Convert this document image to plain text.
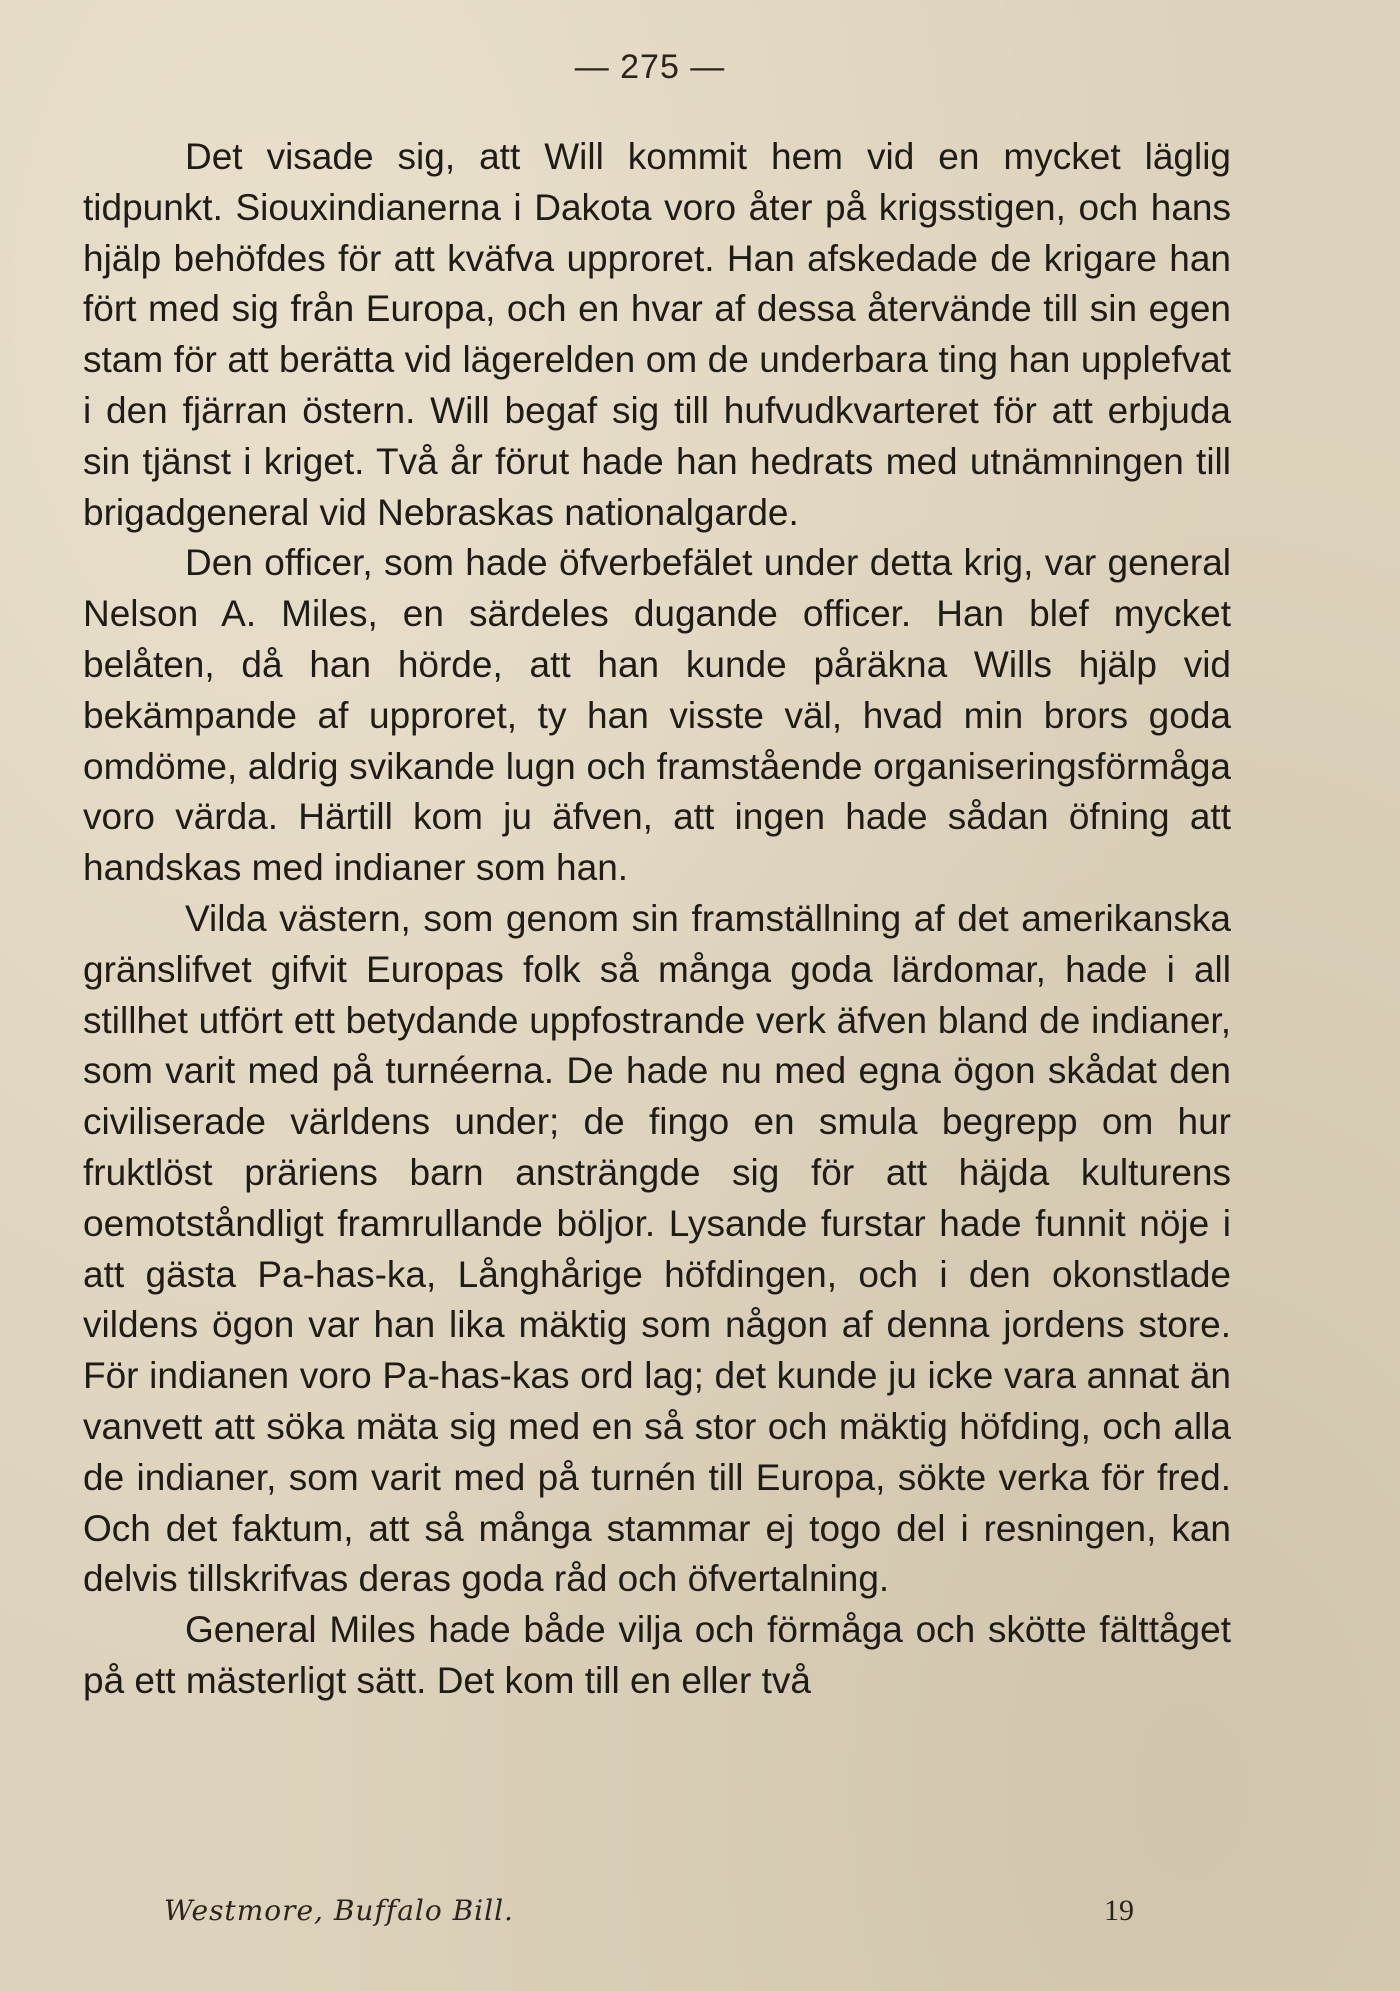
— 275 —

Det visade sig, att Will kommit hem vid en mycket läglig tidpunkt. Siouxindianerna i Dakota voro åter på krigsstigen, och hans hjälp behöfdes för att kväfva upproret. Han afskedade de krigare han fört med sig från Europa, och en hvar af dessa återvände till sin egen stam för att berätta vid lägerelden om de underbara ting han upplefvat i den fjärran östern. Will begaf sig till hufvudkvarteret för att erbjuda sin tjänst i kriget. Två år förut hade han hedrats med utnämningen till brigadgeneral vid Nebraskas nationalgarde.

Den officer, som hade öfverbefälet under detta krig, var general Nelson A. Miles, en särdeles dugande officer. Han blef mycket belåten, då han hörde, att han kunde påräkna Wills hjälp vid bekämpande af upproret, ty han visste väl, hvad min brors goda omdöme, aldrig svikande lugn och framstående organiseringsförmåga voro värda. Härtill kom ju äfven, att ingen hade sådan öfning att handskas med indianer som han.

Vilda västern, som genom sin framställning af det amerikanska gränslifvet gifvit Europas folk så många goda lärdomar, hade i all stillhet utfört ett betydande uppfostrande verk äfven bland de indianer, som varit med på turnéerna. De hade nu med egna ögon skådat den civiliserade världens under; de fingo en smula begrepp om hur fruktlöst präriens barn ansträngde sig för att häjda kulturens oemotståndligt framrullande böljor. Lysande furstar hade funnit nöje i att gästa Pa-has-ka, Långhårige höfdingen, och i den okonstlade vildens ögon var han lika mäktig som någon af denna jordens store. För indianen voro Pa-has-kas ord lag; det kunde ju icke vara annat än vanvett att söka mäta sig med en så stor och mäktig höfding, och alla de indianer, som varit med på turnén till Europa, sökte verka för fred. Och det faktum, att så många stammar ej togo del i resningen, kan delvis tillskrifvas deras goda råd och öfvertalning.

General Miles hade både vilja och förmåga och skötte fälttåget på ett mästerligt sätt. Det kom till en eller två

Westmore, Buffalo Bill.	19
